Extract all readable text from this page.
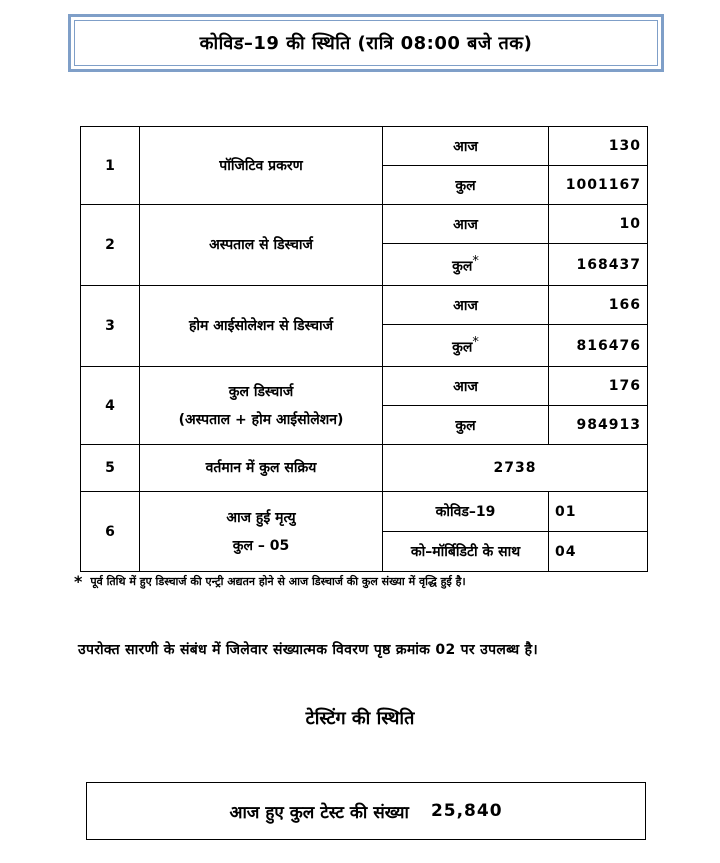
कोविड–19 की स्थिति (रात्रि 08:00 बजे तक)
1	पॉजिटिव प्रकरण	आज	130
		कुल	1001167
2	अस्पताल से डिस्चार्ज	आज	10
		कुल*	168437
3	होम आईसोलेशन से डिस्चार्ज	आज	166
		कुल*	816476
4	कुल डिस्चार्ज
(अस्पताल + होम आईसोलेशन)	आज	176
		कुल	984913
5	वर्तमान में कुल सक्रिय	2738	
6	आज हुई मृत्यु
कुल – 05	कोविड–19	01
		को–मॉर्बिडिटी के साथ	04
* पूर्व तिथि में हुए डिस्चार्ज की एन्ट्री अद्यतन होने से आज डिस्चार्ज की कुल संख्या में वृद्धि हुई है।
उपरोक्त सारणी के संबंध में जिलेवार संख्यात्मक विवरण पृष्ठ क्रमांक 02 पर उपलब्ध है।
टेस्टिंग की स्थिति
आज हुए कुल टेस्ट की संख्या 25,840
